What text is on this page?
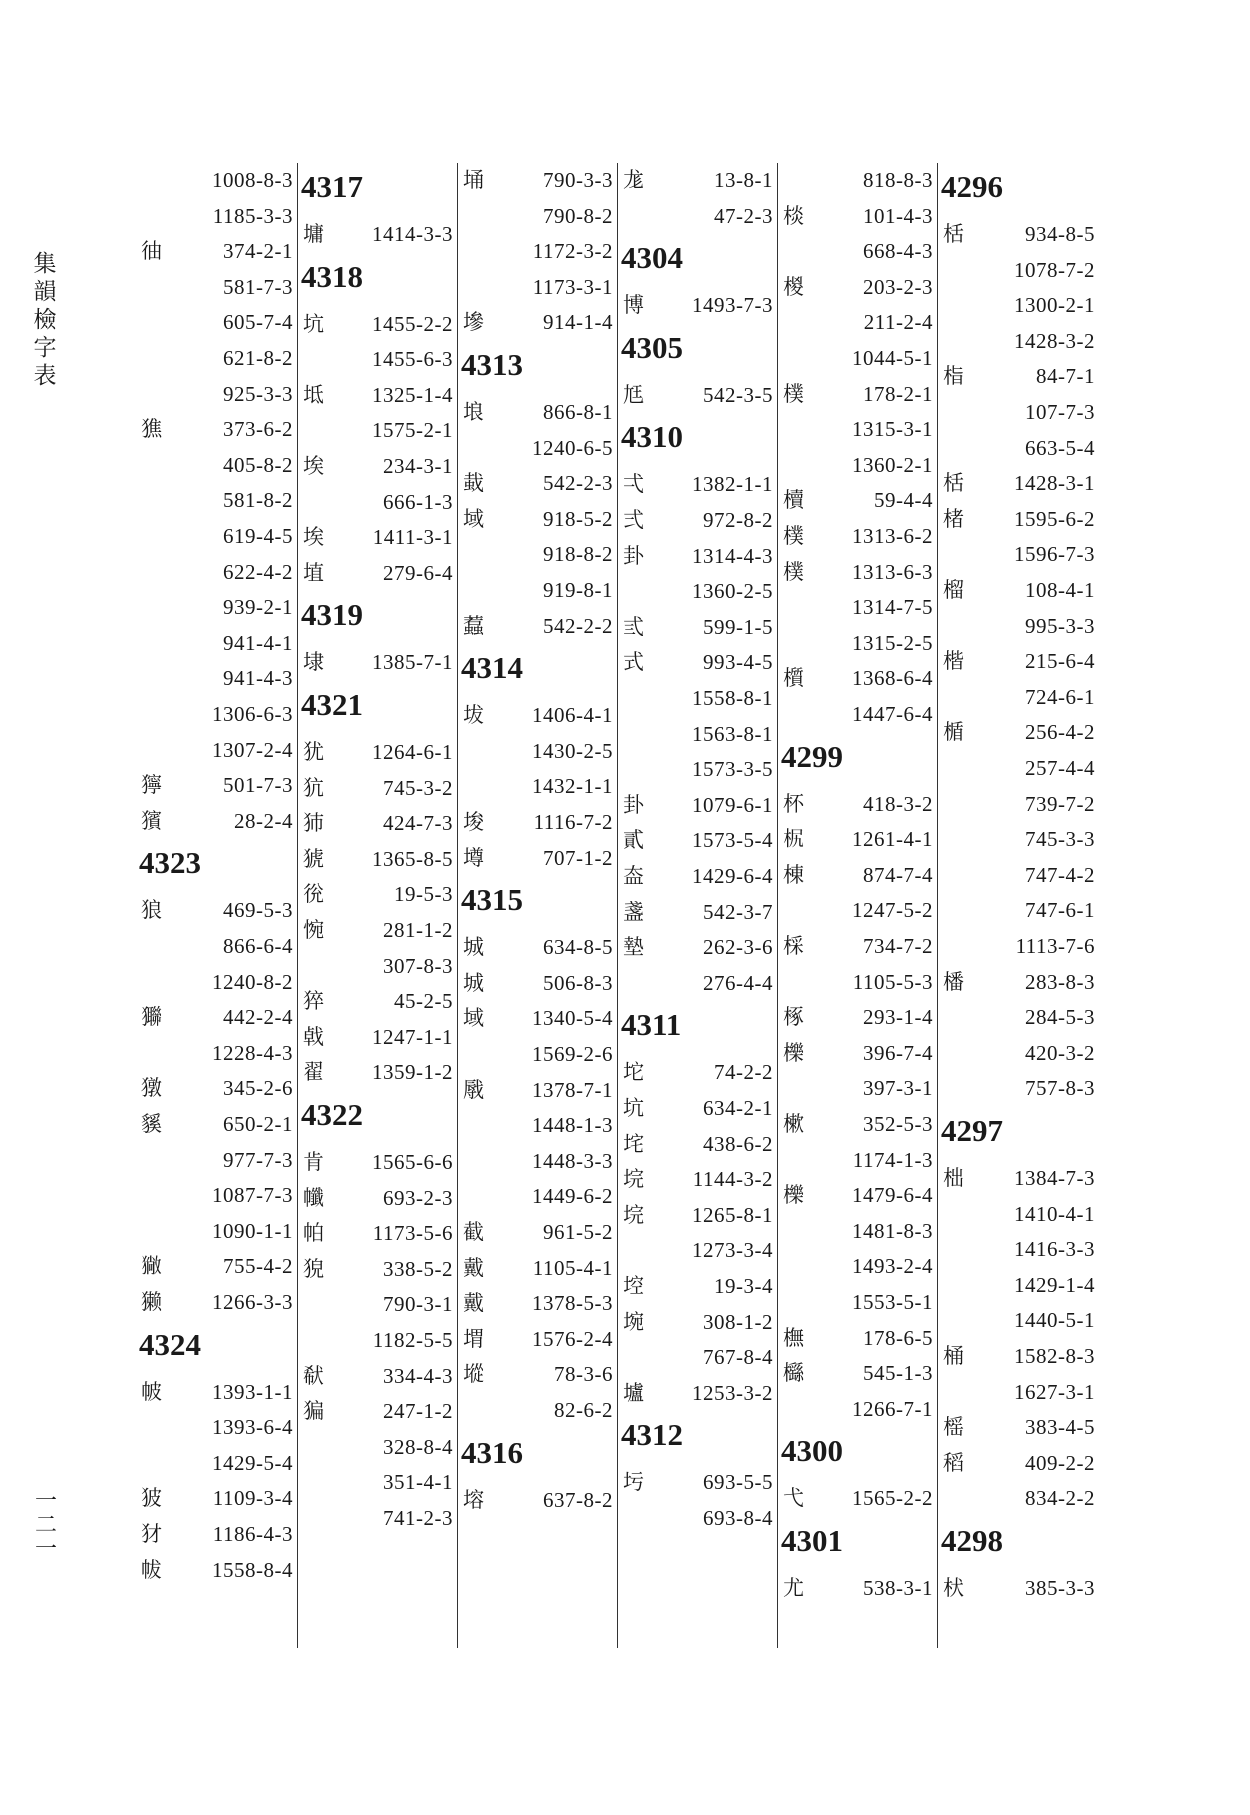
集韻檢字表
一二一
1008-8-3
1185-3-3
㣙	374-2-1
581-7-3
605-7-4
621-8-2
925-3-3
㺘	373-6-2
405-8-2
581-8-2
619-4-5
622-4-2
939-2-1
941-4-1
941-4-3
1306-6-3
1307-2-4
獰	501-7-3
獱	28-2-4
4323
狼	469-5-3
866-6-4
1240-8-2
㺦	442-2-4
1228-4-3
獤	345-2-6
貕	650-2-1
977-7-3
1087-7-3
1090-1-1
𤢄	755-4-2
獭 1266-3-3
4324
帔 1393-1-1
1393-6-4
1429-5-4
狓 1109-3-4
犲 1186-4-3
帗 1558-8-4
4317
墉 1414-3-3
4318
坑 1455-2-2
1455-6-3
坻 1325-1-4
1575-2-1
埃	234-3-1
666-1-3
埃 1411-3-1
埴	279-6-4
4319
埭 1385-7-1
4321
犹 1264-6-1
犺	745-3-2
犻	424-7-3
猇 1365-8-5
㣞	19-5-3
惋	281-1-2
307-8-3
猝	45-2-5
㦸 1247-1-1
翟 1359-1-2
4322
肯 1565-6-6
㡨	693-2-3
帕 1173-5-6
㹸	338-5-2
790-3-1
1182-5-5
㹷	334-4-3
猵	247-1-2
328-8-4
351-4-1
741-2-3
埇	790-3-3
790-8-2
1172-3-2
1173-3-1
墋	914-1-4
4313
埌	866-8-1
1240-6-5
蛓	542-2-3
域	918-5-2
918-8-2
919-8-1
蠚	542-2-2
4314
坺 1406-4-1
1430-2-5
1432-1-1
埈 1116-7-2
墫	707-1-2
4315
城	634-8-5
城	506-8-3
域 1340-5-4
1569-2-6
㦺 1378-7-1
1448-1-3
1448-3-3
1449-6-2
截	961-5-2
戴 1105-4-1
戴 1378-5-3
㙕 1576-2-4
㙡	78-3-6
82-6-2
4316
塎	637-8-2
尨	13-8-1
47-2-3
4304
博 1493-7-3
4305
尪	542-3-5
4310
弌 1382-1-1
弍	972-8-2
卦 1314-4-3
1360-2-5
弎	599-1-5
式	993-4-5
1558-8-1
1563-8-1
1573-3-5
卦 1079-6-1
貳 1573-5-4
盇 1429-6-4
盞	542-3-7
墊	262-3-6
276-4-4
4311
坨	74-2-2
坑	634-2-1
垞	438-6-2
垸 1144-3-2
垸 1265-8-1
1273-3-4
埪	19-3-4
埦	308-1-2
767-8-4
壚 1253-3-2
4312
圬	693-5-5
693-8-4
818-8-3
棪	101-4-3
668-4-3
椶	203-2-3
211-2-4
1044-5-1
樸	178-2-1
1315-3-1
1360-2-1
櫝	59-4-4
樸 1313-6-2
樸 1313-6-3
1314-7-5
1315-2-5
櫍 1368-6-4
1447-6-4
4299
杯	418-3-2
𣐊 1261-4-1
棟	874-7-4
1247-5-2
棌	734-7-2
1105-5-3
椓	293-1-4
櫟	396-7-4
397-3-1
樕	352-5-3
1174-1-3
櫟 1479-6-4
1481-8-3
1493-2-4
1553-5-1
橅	178-6-5
櫾	545-1-3
1266-7-1
4300
弋 1565-2-2
4301
尤	538-3-1
4296
栝	934-8-5
1078-7-2
1300-2-1
1428-3-2
栺	84-7-1
107-7-3
663-5-4
栝 1428-3-1
楮 1595-6-2
1596-7-3
榴	108-4-1
995-3-3
楷	215-6-4
724-6-1
楯	256-4-2
257-4-4
739-7-2
745-3-3
747-4-2
747-6-1
1113-7-6
橎	283-8-3
284-5-3
420-3-2
757-8-3
4297
柮 1384-7-3
1410-4-1
1416-3-3
1429-1-4
1440-5-1
桶 1582-8-3
1627-3-1
榣	383-4-5
稻	409-2-2
834-2-2
4298
枤	385-3-3
